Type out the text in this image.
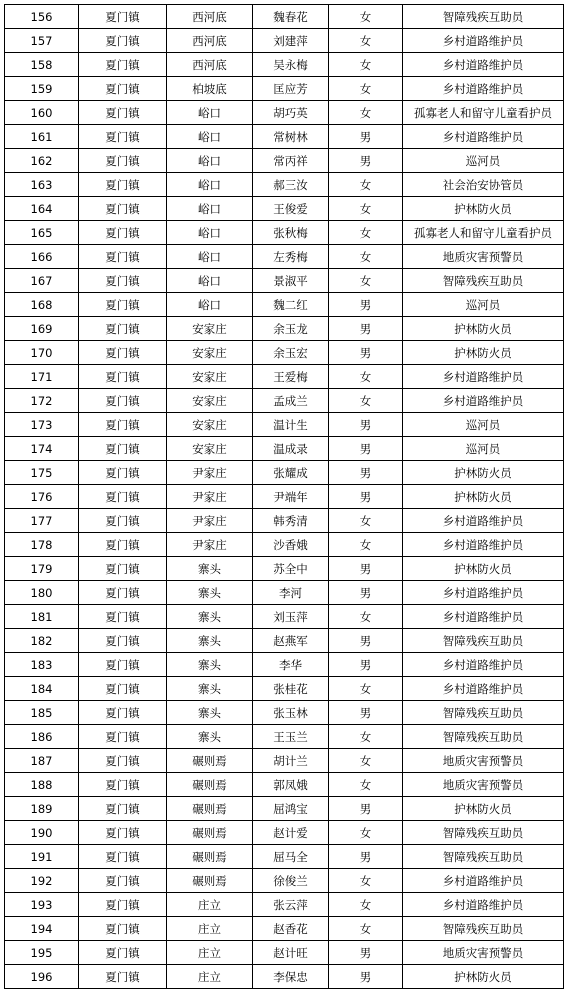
156	夏门镇	西河底	魏春花	女	智障残疾互助员
157	夏门镇	西河底	刘建萍	女	乡村道路维护员
158	夏门镇	西河底	吴永梅	女	乡村道路维护员
159	夏门镇	柏坡底	匡应芳	女	乡村道路维护员
160	夏门镇	峪口	胡巧英	女	孤寡老人和留守儿童看护员
161	夏门镇	峪口	常树林	男	乡村道路维护员
162	夏门镇	峪口	常丙祥	男	巡河员
163	夏门镇	峪口	郝三汝	女	社会治安协管员
164	夏门镇	峪口	王俊爱	女	护林防火员
165	夏门镇	峪口	张秋梅	女	孤寡老人和留守儿童看护员
166	夏门镇	峪口	左秀梅	女	地质灾害预警员
167	夏门镇	峪口	景淑平	女	智障残疾互助员
168	夏门镇	峪口	魏二红	男	巡河员
169	夏门镇	安家庄	余玉龙	男	护林防火员
170	夏门镇	安家庄	余玉宏	男	护林防火员
171	夏门镇	安家庄	王爱梅	女	乡村道路维护员
172	夏门镇	安家庄	孟成兰	女	乡村道路维护员
173	夏门镇	安家庄	温计生	男	巡河员
174	夏门镇	安家庄	温成录	男	巡河员
175	夏门镇	尹家庄	张耀成	男	护林防火员
176	夏门镇	尹家庄	尹端年	男	护林防火员
177	夏门镇	尹家庄	韩秀清	女	乡村道路维护员
178	夏门镇	尹家庄	沙香娥	女	乡村道路维护员
179	夏门镇	寨头	苏全中	男	护林防火员
180	夏门镇	寨头	李河	男	乡村道路维护员
181	夏门镇	寨头	刘玉萍	女	乡村道路维护员
182	夏门镇	寨头	赵燕军	男	智障残疾互助员
183	夏门镇	寨头	李华	男	乡村道路维护员
184	夏门镇	寨头	张桂花	女	乡村道路维护员
185	夏门镇	寨头	张玉林	男	智障残疾互助员
186	夏门镇	寨头	王玉兰	女	智障残疾互助员
187	夏门镇	碾则焉	胡计兰	女	地质灾害预警员
188	夏门镇	碾则焉	郭凤娥	女	地质灾害预警员
189	夏门镇	碾则焉	屈鸿宝	男	护林防火员
190	夏门镇	碾则焉	赵计爱	女	智障残疾互助员
191	夏门镇	碾则焉	屈马全	男	智障残疾互助员
192	夏门镇	碾则焉	徐俊兰	女	乡村道路维护员
193	夏门镇	庄立	张云萍	女	乡村道路维护员
194	夏门镇	庄立	赵香花	女	智障残疾互助员
195	夏门镇	庄立	赵计旺	男	地质灾害预警员
196	夏门镇	庄立	李保忠	男	护林防火员
